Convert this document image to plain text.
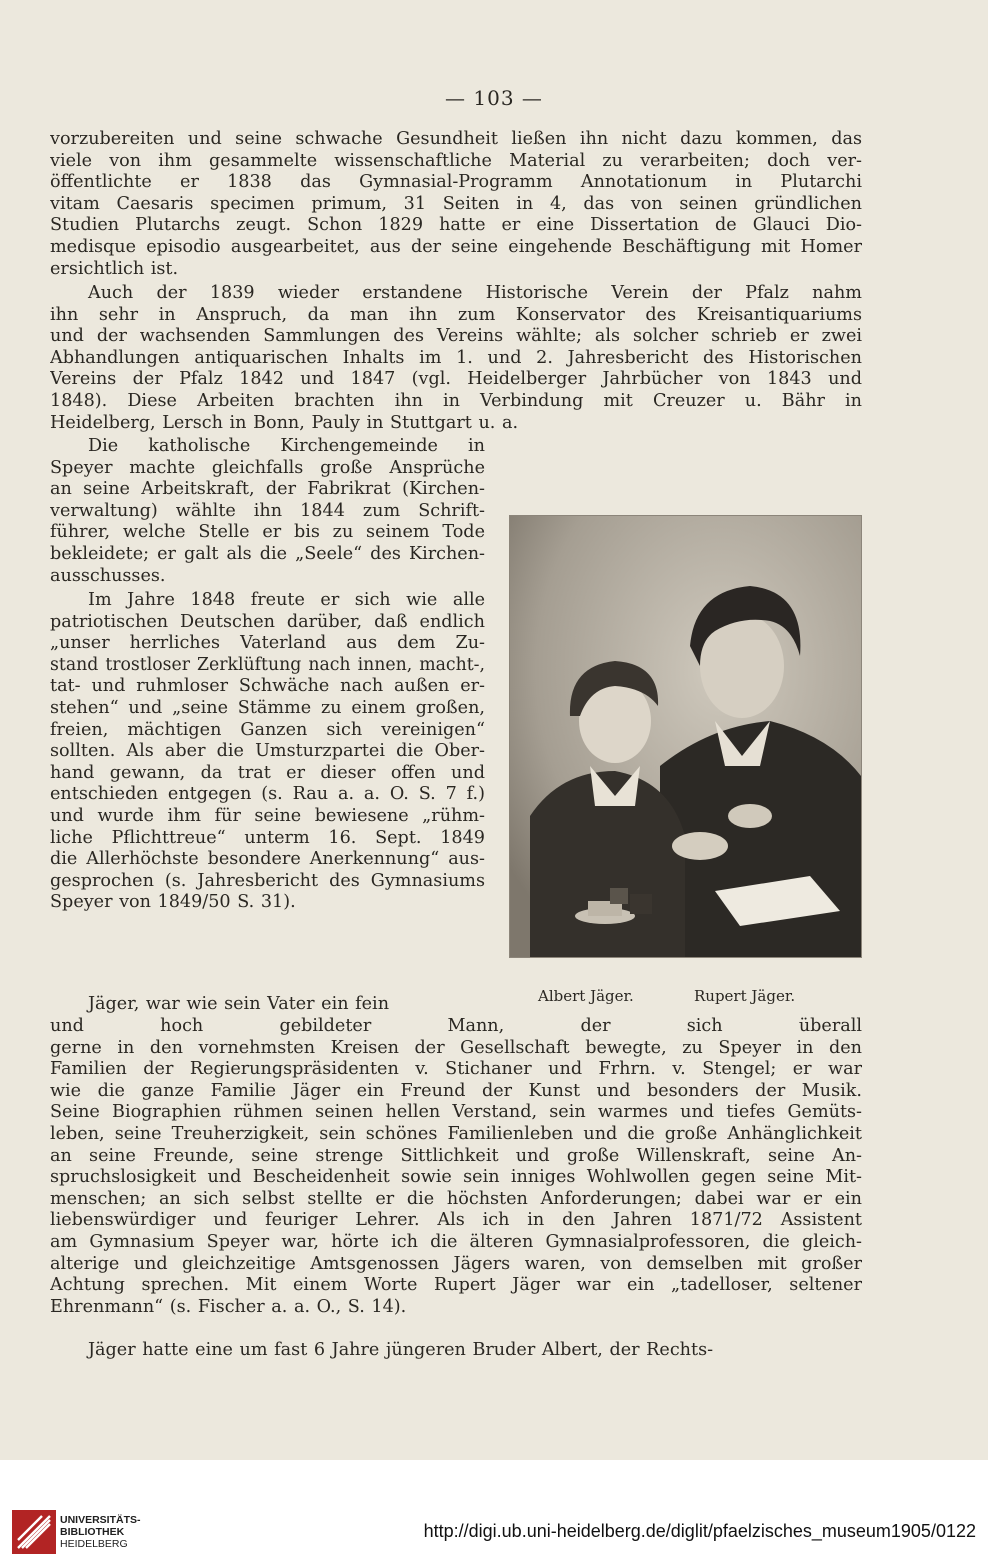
— 103 —
vorzubereiten und seine schwache Gesundheit ließen ihn nicht dazu kommen, das
viele von ihm gesammelte wissenschaftliche Material zu verarbeiten; doch ver-
öffentlichte er 1838 das Gymnasial-Programm Annotationum in Plutarchi
vitam Caesaris specimen primum, 31 Seiten in 4, das von seinen gründlichen
Studien Plutarchs zeugt. Schon 1829 hatte er eine Dissertation de Glauci Dio-
medisque episodio ausgearbeitet, aus der seine eingehende Beschäftigung mit Homer
ersichtlich ist.
Auch der 1839 wieder erstandene Historische Verein der Pfalz nahm
ihn sehr in Anspruch, da man ihn zum Konservator des Kreisantiquariums
und der wachsenden Sammlungen des Vereins wählte; als solcher schrieb er zwei
Abhandlungen antiquarischen Inhalts im 1. und 2. Jahresbericht des Historischen
Vereins der Pfalz 1842 und 1847 (vgl. Heidelberger Jahrbücher von 1843 und
1848). Diese Arbeiten brachten ihn in Verbindung mit Creuzer u. Bähr in
Heidelberg, Lersch in Bonn, Pauly in Stuttgart u. a.
Die katholische Kirchengemeinde in
Speyer machte gleichfalls große Ansprüche
an seine Arbeitskraft, der Fabrikrat (Kirchen-
verwaltung) wählte ihn 1844 zum Schrift-
führer, welche Stelle er bis zu seinem Tode
bekleidete; er galt als die „Seele“ des Kirchen-
ausschusses.
Im Jahre 1848 freute er sich wie alle
patriotischen Deutschen darüber, daß endlich
„unser herrliches Vaterland aus dem Zu-
stand trostloser Zerklüftung nach innen, macht-,
tat- und ruhmloser Schwäche nach außen er-
stehen“ und „seine Stämme zu einem großen,
freien, mächtigen Ganzen sich vereinigen“
sollten. Als aber die Umsturzpartei die Ober-
hand gewann, da trat er dieser offen und
entschieden entgegen (s. Rau a. a. O. S. 7 f.)
und wurde ihm für seine bewiesene „rühm-
liche Pflichttreue“ unterm 16. Sept. 1849
die Allerhöchste besondere Anerkennung“ aus-
gesprochen (s. Jahresbericht des Gymnasiums
Speyer von 1849/50 S. 31).
Jäger, war wie sein Vater ein fein
und hoch gebildeter Mann, der sich überall
gerne in den vornehmsten Kreisen der Gesellschaft bewegte, zu Speyer in den
Familien der Regierungspräsidenten v. Stichaner und Frhrn. v. Stengel; er war
wie die ganze Familie Jäger ein Freund der Kunst und besonders der Musik.
Seine Biographien rühmen seinen hellen Verstand, sein warmes und tiefes Gemüts-
leben, seine Treuherzigkeit, sein schönes Familienleben und die große Anhänglichkeit
an seine Freunde, seine strenge Sittlichkeit und große Willenskraft, seine An-
spruchslosigkeit und Bescheidenheit sowie sein inniges Wohlwollen gegen seine Mit-
menschen; an sich selbst stellte er die höchsten Anforderungen; dabei war er ein
liebenswürdiger und feuriger Lehrer. Als ich in den Jahren 1871/72 Assistent
am Gymnasium Speyer war, hörte ich die älteren Gymnasialprofessoren, die gleich-
alterige und gleichzeitige Amtsgenossen Jägers waren, von demselben mit großer
Achtung sprechen. Mit einem Worte Rupert Jäger war ein „tadelloser, seltener
Ehrenmann“ (s. Fischer a. a. O., S. 14).
Jäger hatte eine um fast 6 Jahre jüngeren Bruder Albert, der Rechts-
Albert Jäger.	Rupert Jäger.
UNIVERSITÄTS-
BIBLIOTHEK
HEIDELBERG
http://digi.ub.uni-heidelberg.de/diglit/pfaelzisches_museum1905/0122
